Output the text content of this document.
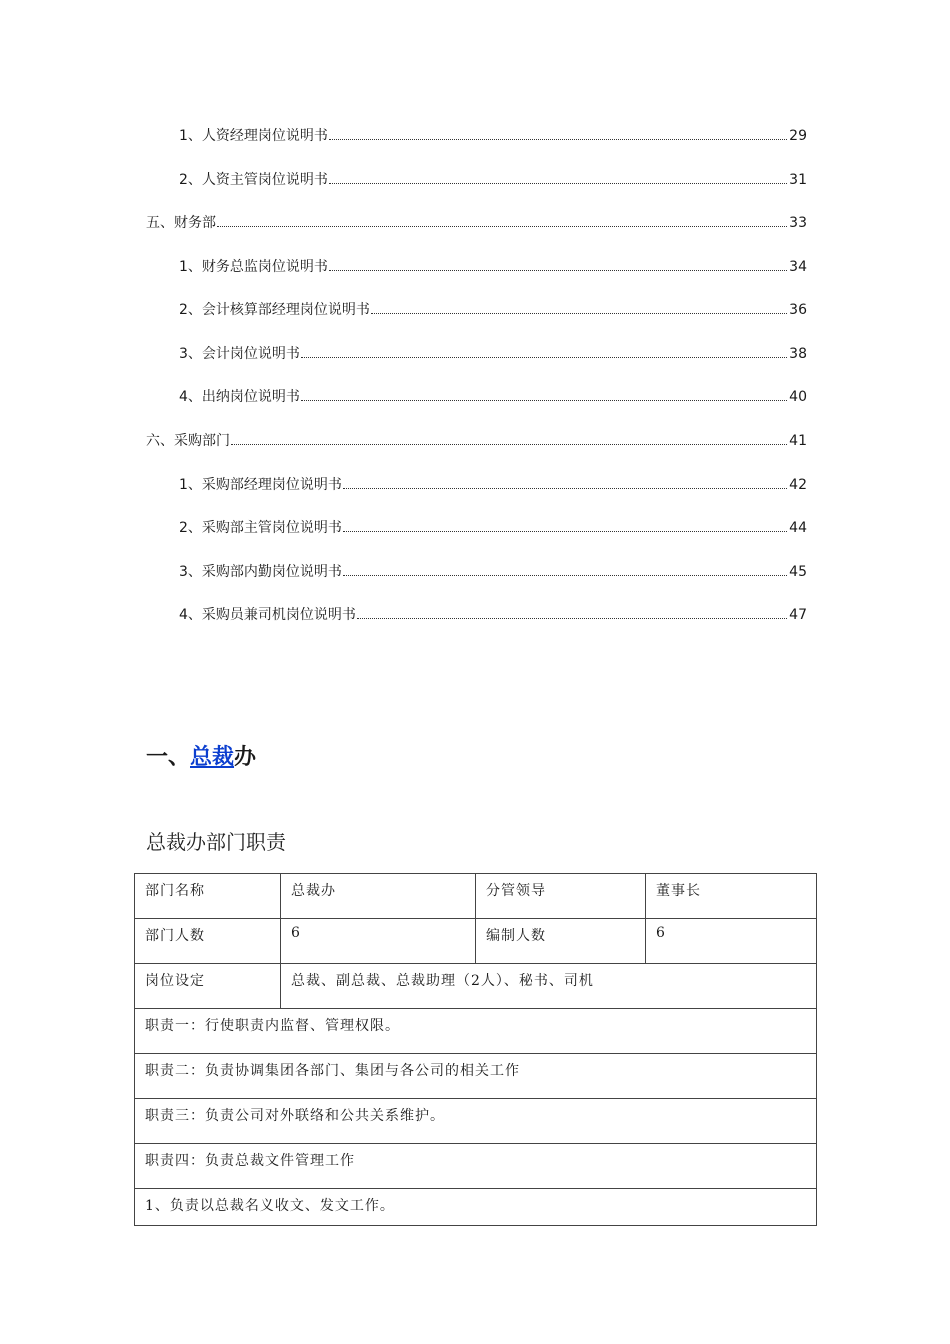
1、人资经理岗位说明书	29
2、人资主管岗位说明书	31
五、财务部	33
1、财务总监岗位说明书	34
2、会计核算部经理岗位说明书	36
3、会计岗位说明书	38
4、出纳岗位说明书	40
六、采购部门	41
1、采购部经理岗位说明书	42
2、采购部主管岗位说明书	44
3、采购部内勤岗位说明书	45
4、采购员兼司机岗位说明书	47
一、总裁办
总裁办部门职责
部门名称	总裁办	分管领导	董事长
部门人数	6	编制人数	6
岗位设定	总裁、副总裁、总裁助理（2人）、秘书、司机		
职责一：行使职责内监督、管理权限。			
职责二：负责协调集团各部门、集团与各公司的相关工作			
职责三：负责公司对外联络和公共关系维护。			
职责四：负责总裁文件管理工作			
1、负责以总裁名义收文、发文工作。			
